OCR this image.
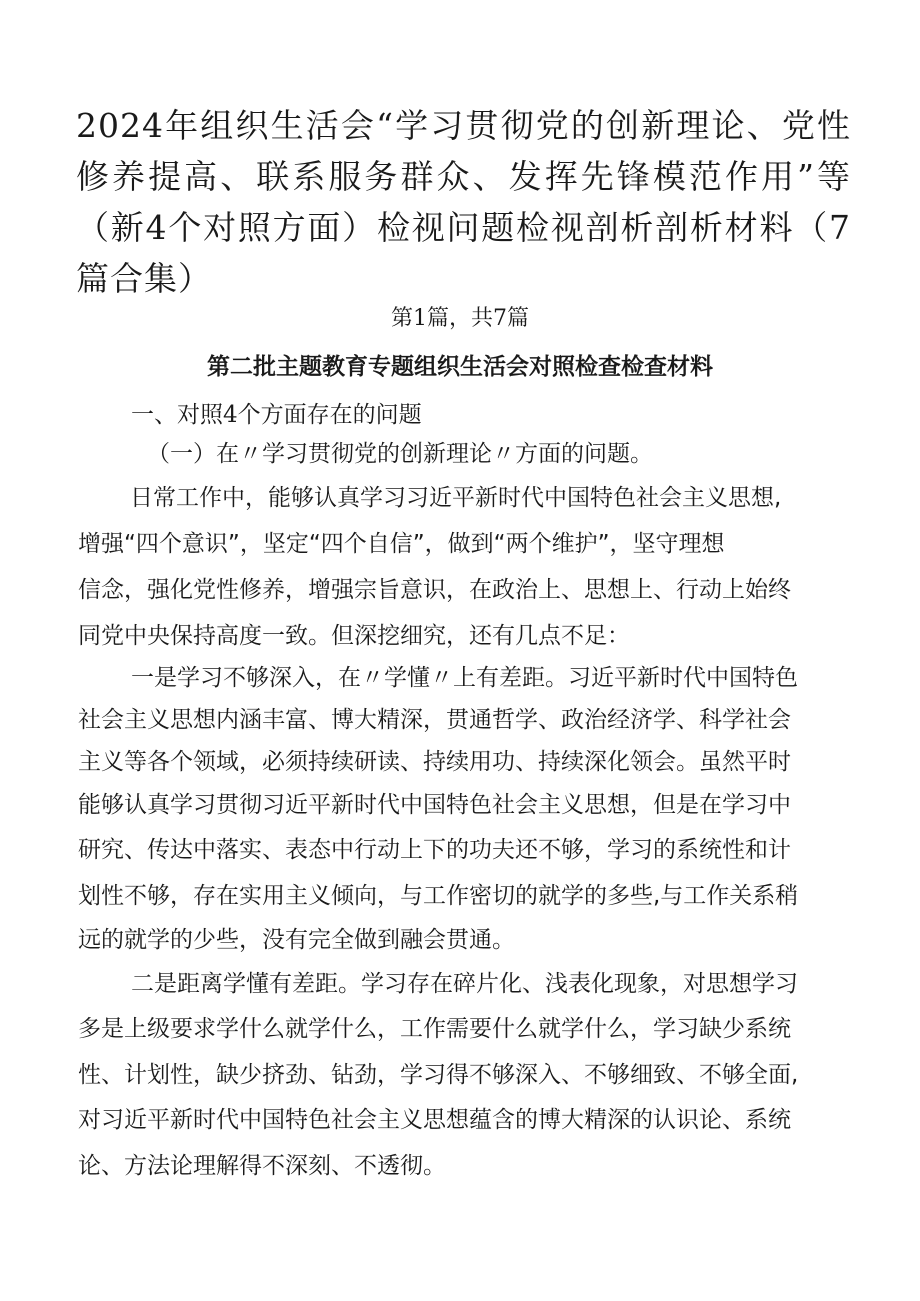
2024年组织生活会“学习贯彻党的创新理论、党性修养提高、联系服务群众、发挥先锋模范作用”等（新4个对照方面）检视问题检视剖析剖析材料（7篇合集）
第1篇，共7篇
第二批主题教育专题组织生活会对照检查检查材料

一、对照4个方面存在的问题

（一）在〃学习贯彻党的创新理论〃方面的问题。

日常工作中，能够认真学习习近平新时代中国特色社会主义思想,

增强“四个意识”，坚定“四个自信”，做到“两个维护”，坚守理想

信念，强化党性修养，增强宗旨意识，在政治上、思想上、行动上始终

同党中央保持高度一致。但深挖细究，还有几点不足：

一是学习不够深入，在〃学懂〃上有差距。习近平新时代中国特色

社会主义思想内涵丰富、博大精深，贯通哲学、政治经济学、科学社会

主义等各个领域，必须持续研读、持续用功、持续深化领会。虽然平时

能够认真学习贯彻习近平新时代中国特色社会主义思想，但是在学习中

研究、传达中落实、表态中行动上下的功夫还不够，学习的系统性和计

划性不够，存在实用主义倾向，与工作密切的就学的多些,与工作关系稍

远的就学的少些，没有完全做到融会贯通。

二是距离学懂有差距。学习存在碎片化、浅表化现象，对思想学习

多是上级要求学什么就学什么，工作需要什么就学什么，学习缺少系统

性、计划性，缺少挤劲、钻劲，学习得不够深入、不够细致、不够全面,

对习近平新时代中国特色社会主义思想蕴含的博大精深的认识论、系统

论、方法论理解得不深刻、不透彻。
